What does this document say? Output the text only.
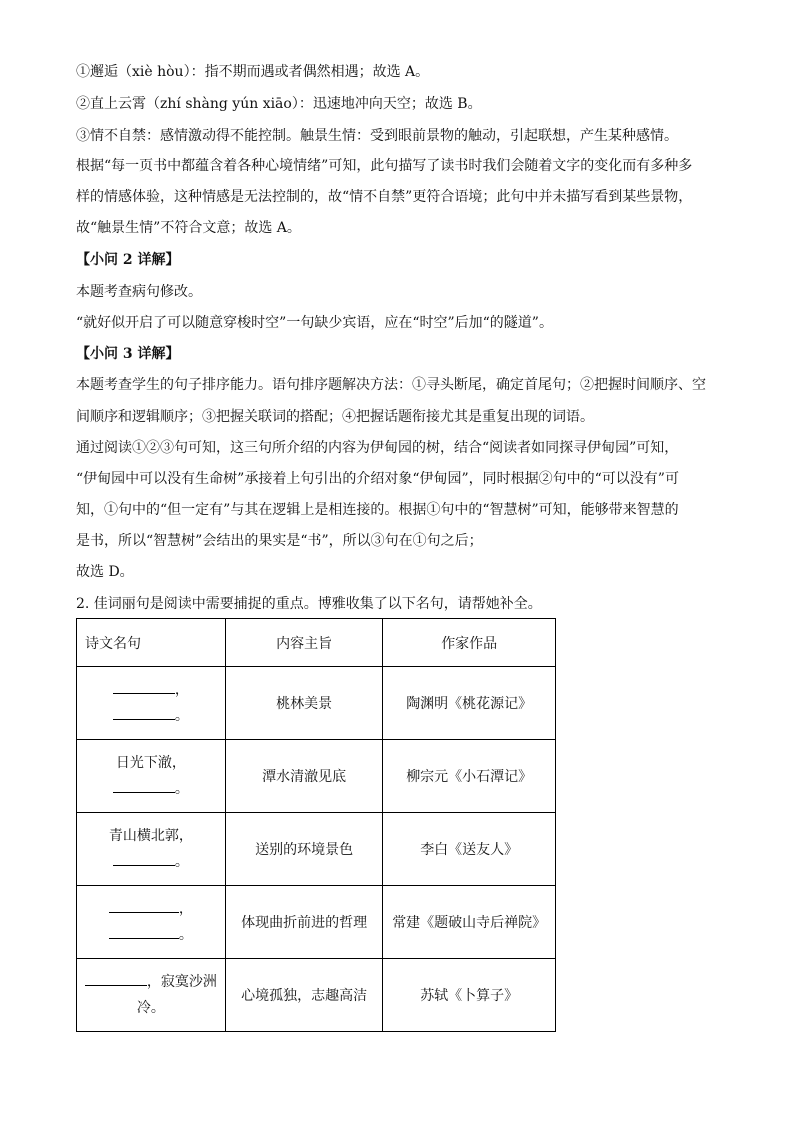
①邂逅（xiè hòu）：指不期而遇或者偶然相遇；故选 A。
②直上云霄（zhí shàng yún xiāo）：迅速地冲向天空；故选 B。
③情不自禁：感情激动得不能控制。触景生情：受到眼前景物的触动，引起联想，产生某种感情。
根据“每一页书中都蕴含着各种心境情绪”可知，此句描写了读书时我们会随着文字的变化而有多种多
样的情感体验，这种情感是无法控制的，故“情不自禁”更符合语境；此句中并未描写看到某些景物，
故“触景生情”不符合文意；故选 A。
【小问 2 详解】
本题考查病句修改。
“就好似开启了可以随意穿梭时空”一句缺少宾语，应在“时空”后加“的隧道”。
【小问 3 详解】
本题考查学生的句子排序能力。语句排序题解决方法：①寻头断尾，确定首尾句；②把握时间顺序、空
间顺序和逻辑顺序；③把握关联词的搭配；④把握话题衔接尤其是重复出现的词语。
通过阅读①②③句可知，这三句所介绍的内容为伊甸园的树，结合“阅读者如同探寻伊甸园”可知，
“伊甸园中可以没有生命树”承接着上句引出的介绍对象“伊甸园”，同时根据②句中的“可以没有”可
知，①句中的“但一定有”与其在逻辑上是相连接的。根据①句中的“智慧树”可知，能够带来智慧的
是书，所以“智慧树”会结出的果实是“书”，所以③句在①句之后；
故选 D。
2. 佳词丽句是阅读中需要捕捉的重点。博雅收集了以下名句，请帮她补全。
诗文名句	内容主旨	作家作品

，
。	桃林美景	陶渊明《桃花源记》

日光下澈，
。	潭水清澈见底	柳宗元《小石潭记》

青山横北郭，
。	送别的环境景色	李白《送友人》

，
。	体现曲折前进的哲理	常建《题破山寺后禅院》

，寂寞沙洲
冷。	心境孤独，志趣高洁	苏轼《卜算子》
